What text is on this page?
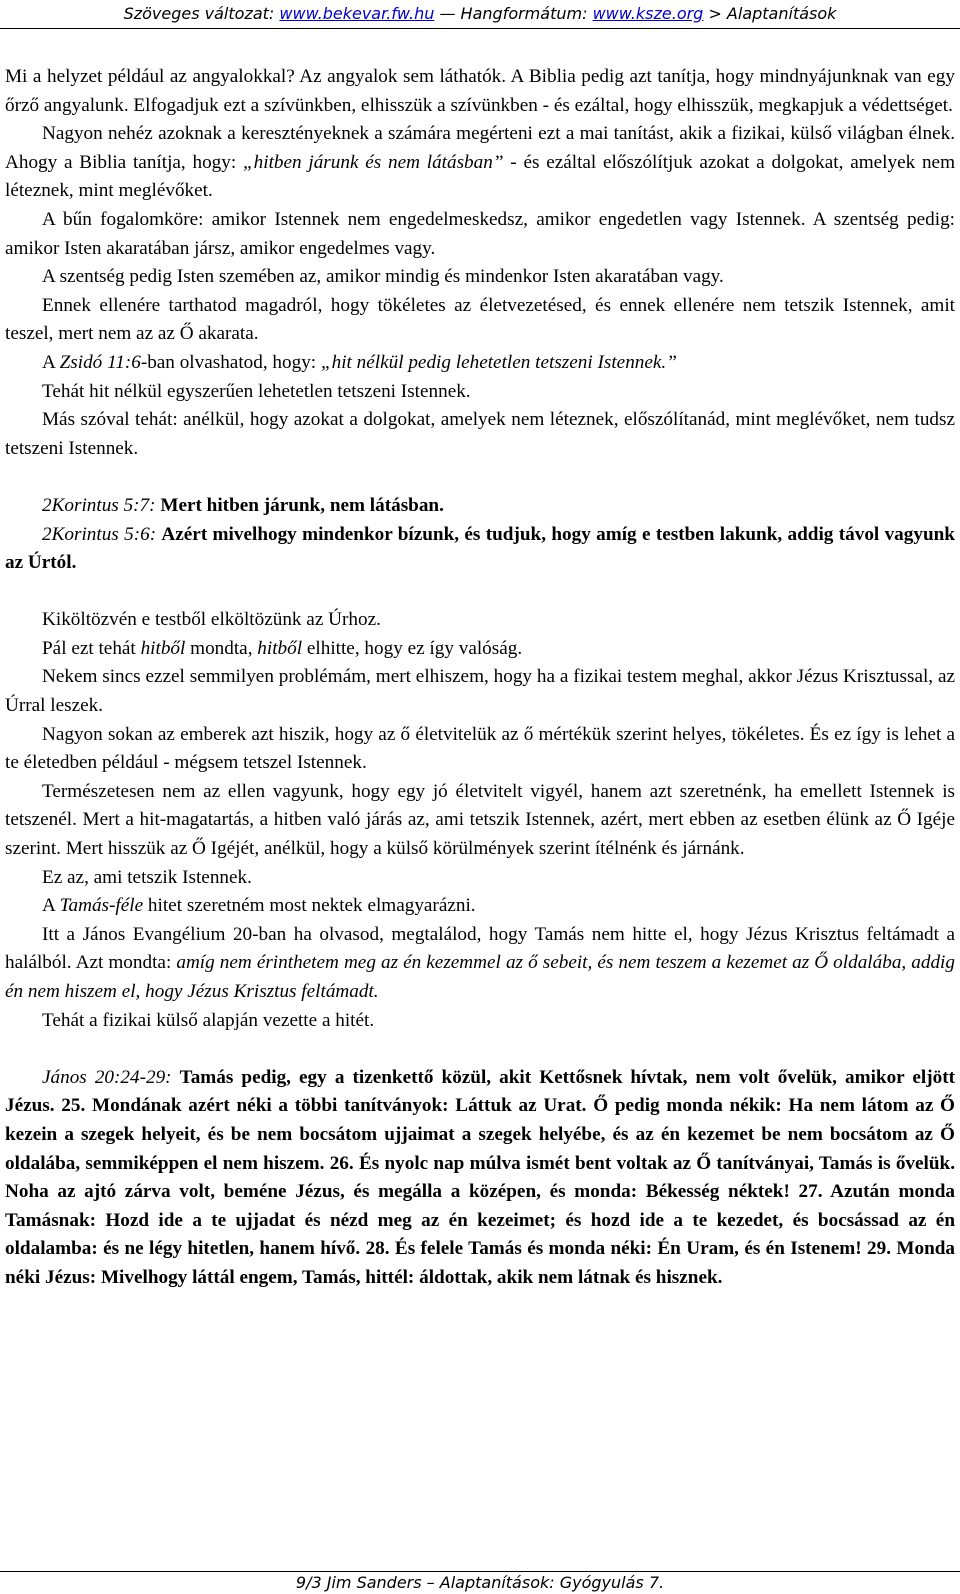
Szöveges változat: www.bekevar.fw.hu — Hangformátum: www.ksze.org > Alaptanítások

Mi a helyzet például az angyalokkal? Az angyalok sem láthatók. A Biblia pedig azt tanítja, hogy mindnyájunknak van egy őrző angyalunk. Elfogadjuk ezt a szívünkben, elhisszük a szívünkben - és ezáltal, hogy elhisszük, megkapjuk a védettséget.

Nagyon nehéz azoknak a keresztényeknek a számára megérteni ezt a mai tanítást, akik a fizikai, külső világban élnek. Ahogy a Biblia tanítja, hogy: „hitben járunk és nem látásban” - és ezáltal előszólítjuk azokat a dolgokat, amelyek nem léteznek, mint meglévőket.

A bűn fogalomköre: amikor Istennek nem engedelmeskedsz, amikor engedetlen vagy Istennek. A szentség pedig: amikor Isten akaratában jársz, amikor engedelmes vagy.

A szentség pedig Isten szemében az, amikor mindig és mindenkor Isten akaratában vagy.

Ennek ellenére tarthatod magadról, hogy tökéletes az életvezetésed, és ennek ellenére nem tetszik Istennek, amit teszel, mert nem az az Ő akarata.

A Zsidó 11:6-ban olvashatod, hogy: „hit nélkül pedig lehetetlen tetszeni Istennek.”

Tehát hit nélkül egyszerűen lehetetlen tetszeni Istennek.

Más szóval tehát: anélkül, hogy azokat a dolgokat, amelyek nem léteznek, előszólítanád, mint meglévőket, nem tudsz tetszeni Istennek.

2Korintus 5:7: Mert hitben járunk, nem látásban.

2Korintus 5:6: Azért mivelhogy mindenkor bízunk, és tudjuk, hogy amíg e testben lakunk, addig távol vagyunk az Úrtól.

Kiköltözvén e testből elköltözünk az Úrhoz.

Pál ezt tehát hitből mondta, hitből elhitte, hogy ez így valóság.

Nekem sincs ezzel semmilyen problémám, mert elhiszem, hogy ha a fizikai testem meghal, akkor Jézus Krisztussal, az Úrral leszek.

Nagyon sokan az emberek azt hiszik, hogy az ő életvitelük az ő mértékük szerint helyes, tökéletes. És ez így is lehet a te életedben például - mégsem tetszel Istennek.

Természetesen nem az ellen vagyunk, hogy egy jó életvitelt vigyél, hanem azt szeretnénk, ha emellett Istennek is tetszenél. Mert a hit-magatartás, a hitben való járás az, ami tetszik Istennek, azért, mert ebben az esetben élünk az Ő Igéje szerint. Mert hisszük az Ő Igéjét, anélkül, hogy a külső körülmények szerint ítélnénk és járnánk.

Ez az, ami tetszik Istennek.

A Tamás-féle hitet szeretném most nektek elmagyarázni.

Itt a János Evangélium 20-ban ha olvasod, megtalálod, hogy Tamás nem hitte el, hogy Jézus Krisztus feltámadt a halálból. Azt mondta: amíg nem érinthetem meg az én kezemmel az ő sebeit, és nem teszem a kezemet az Ő oldalába, addig én nem hiszem el, hogy Jézus Krisztus feltámadt.

Tehát a fizikai külső alapján vezette a hitét.

János 20:24-29: Tamás pedig, egy a tizenkettő közül, akit Kettősnek hívtak, nem volt ővelük, amikor eljött Jézus. 25. Mondának azért néki a többi tanítványok: Láttuk az Urat. Ő pedig monda nékik: Ha nem látom az Ő kezein a szegek helyeit, és be nem bocsátom ujjaimat a szegek helyébe, és az én kezemet be nem bocsátom az Ő oldalába, semmiképpen el nem hiszem. 26. És nyolc nap múlva ismét bent voltak az Ő tanítványai, Tamás is ővelük. Noha az ajtó zárva volt, beméne Jézus, és megálla a középen, és monda: Békesség néktek! 27. Azután monda Tamásnak: Hozd ide a te ujjadat és nézd meg az én kezeimet; és hozd ide a te kezedet, és bocsássad az én oldalamba: és ne légy hitetlen, hanem hívő. 28. És felele Tamás és monda néki: Én Uram, és én Istenem! 29. Monda néki Jézus: Mivelhogy láttál engem, Tamás, hittél: áldottak, akik nem látnak és hisznek.

9/3 Jim Sanders – Alaptanítások: Gyógyulás 7.
